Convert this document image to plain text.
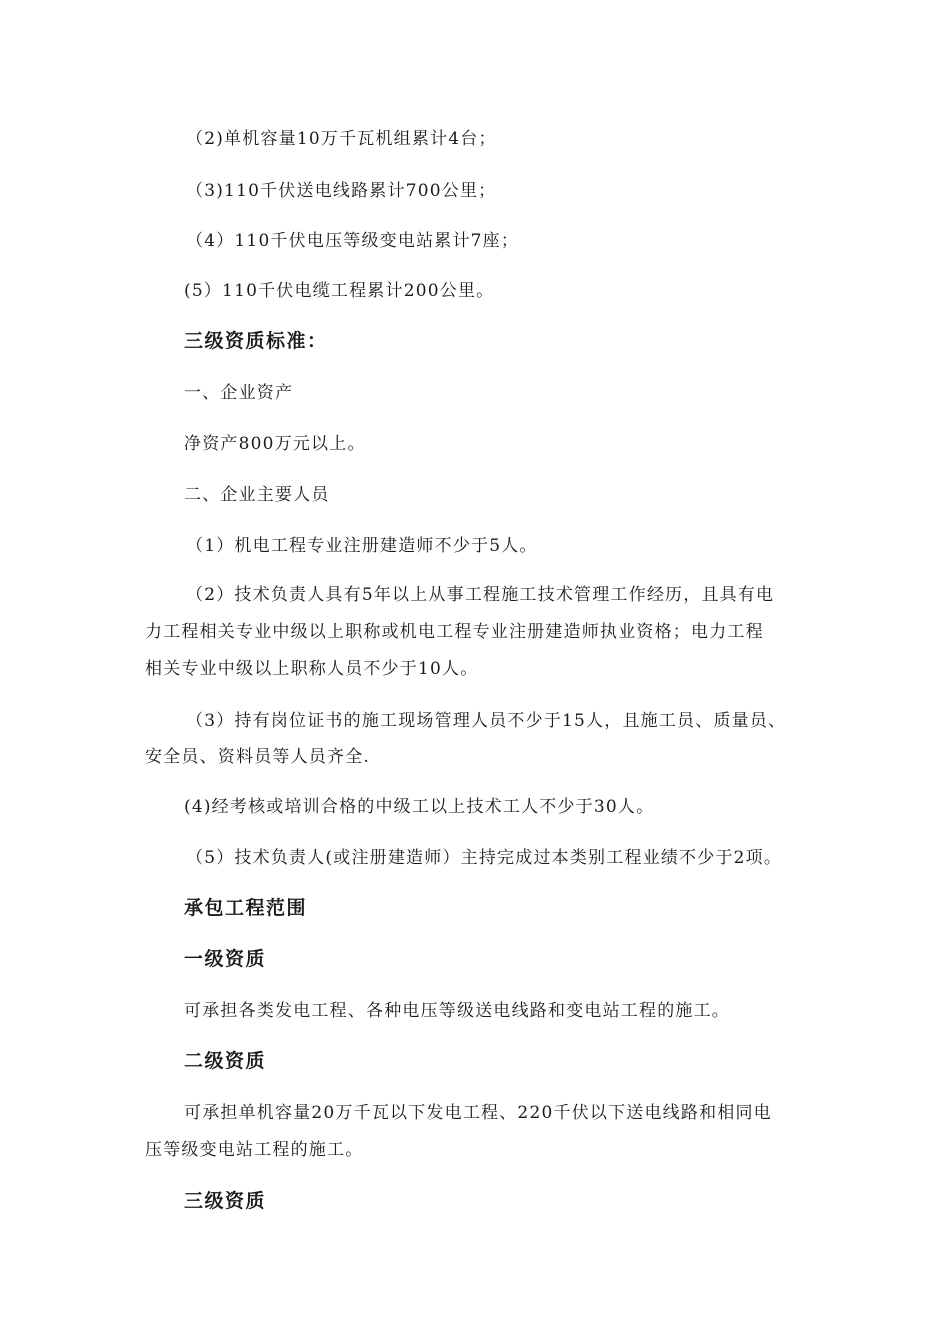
（2)单机容量10万千瓦机组累计4台；
（3)110千伏送电线路累计700公里；
（4）110千伏电压等级变电站累计7座；
(5）110千伏电缆工程累计200公里。
三级资质标准：
一、企业资产
净资产800万元以上。
二、企业主要人员
（1）机电工程专业注册建造师不少于5人。
（2）技术负责人具有5年以上从事工程施工技术管理工作经历，且具有电
力工程相关专业中级以上职称或机电工程专业注册建造师执业资格；电力工程
相关专业中级以上职称人员不少于10人。
（3）持有岗位证书的施工现场管理人员不少于15人，且施工员、质量员、
安全员、资料员等人员齐全.
(4)经考核或培训合格的中级工以上技术工人不少于30人。
（5）技术负责人(或注册建造师）主持完成过本类别工程业绩不少于2项。
承包工程范围
一级资质
可承担各类发电工程、各种电压等级送电线路和变电站工程的施工。
二级资质
可承担单机容量20万千瓦以下发电工程、220千伏以下送电线路和相同电
压等级变电站工程的施工。
三级资质
